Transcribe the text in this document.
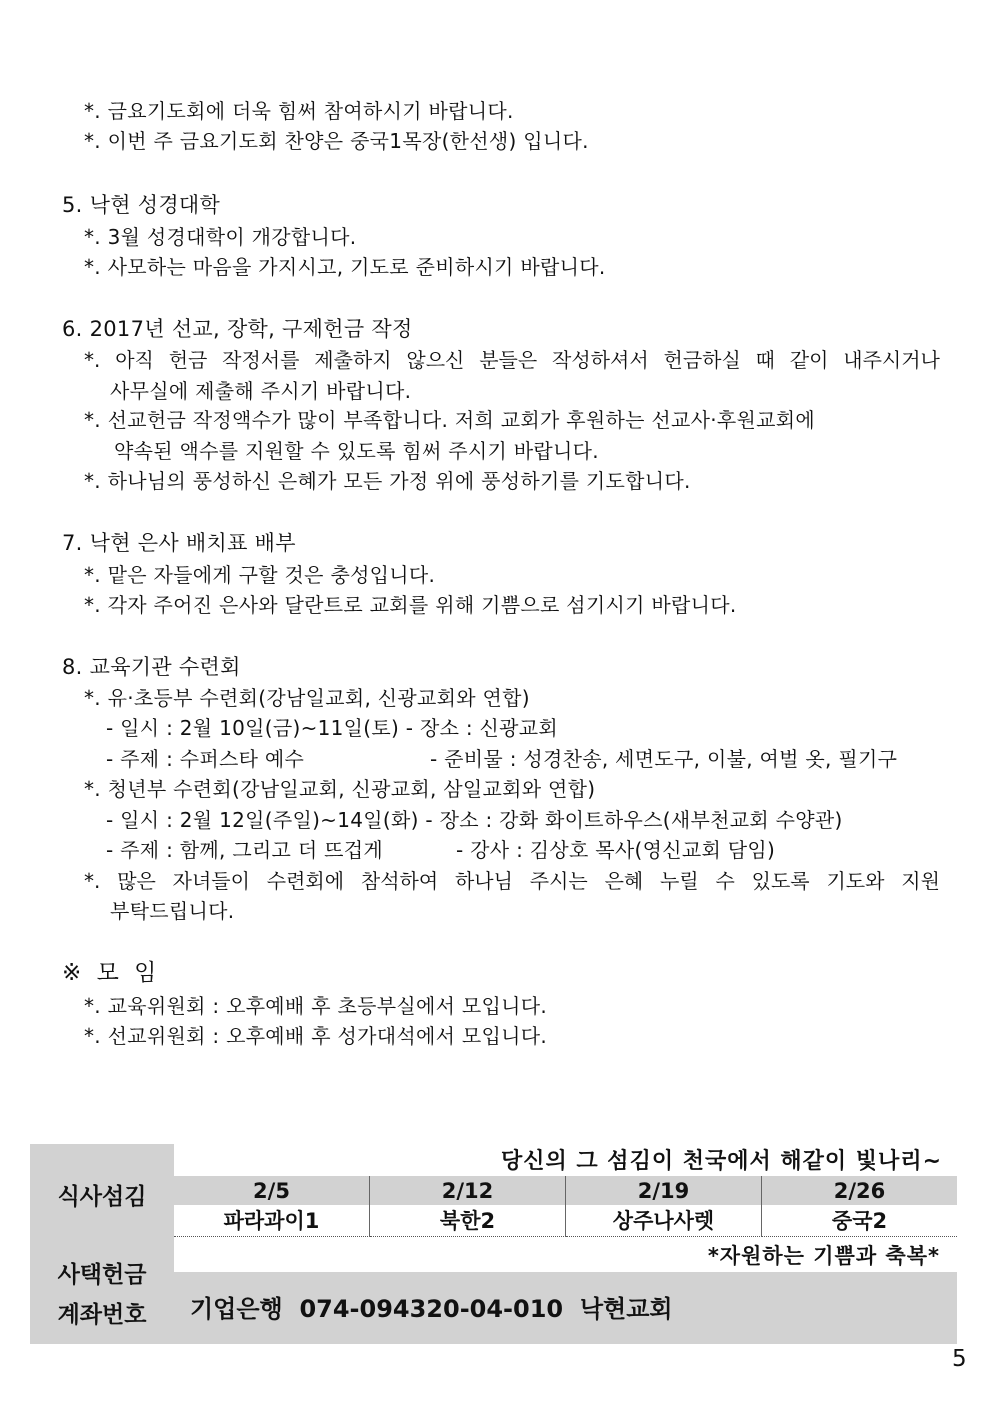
*. 금요기도회에 더욱 힘써 참여하시기 바랍니다.
*. 이번 주 금요기도회 찬양은 중국1목장(한선생) 입니다.
5. 낙현 성경대학
*. 3월 성경대학이 개강합니다.
*. 사모하는 마음을 가지시고, 기도로 준비하시기 바랍니다.
6. 2017년 선교, 장학, 구제헌금 작정
*. 아직 헌금 작정서를 제출하지 않으신 분들은 작성하셔서 헌금하실 때 같이 내주시거나
사무실에 제출해 주시기 바랍니다.
*. 선교헌금 작정액수가 많이 부족합니다. 저희 교회가 후원하는 선교사·후원교회에
약속된 액수를 지원할 수 있도록 힘써 주시기 바랍니다.
*. 하나님의 풍성하신 은혜가 모든 가정 위에 풍성하기를 기도합니다.
7. 낙현 은사 배치표 배부
*. 맡은 자들에게 구할 것은 충성입니다.
*. 각자 주어진 은사와 달란트로 교회를 위해 기쁨으로 섬기시기 바랍니다.
8. 교육기관 수련회
*. 유·초등부 수련회(강남일교회, 신광교회와 연합)
- 일시 : 2월 10일(금)~11일(토) - 장소 : 신광교회
- 주제 : 수퍼스타 예수	- 준비물 : 성경찬송, 세면도구, 이불, 여벌 옷, 필기구
*. 청년부 수련회(강남일교회, 신광교회, 삼일교회와 연합)
- 일시 : 2월 12일(주일)~14일(화) - 장소 : 강화 화이트하우스(새부천교회 수양관)
- 주제 : 함께, 그리고 더 뜨겁게	- 강사 : 김상호 목사(영신교회 담임)
*. 많은 자녀들이 수련회에 참석하여 하나님 주시는 은혜 누릴 수 있도록 기도와 지원
부탁드립니다.
※ 모 임
*. 교육위원회 : 오후예배 후 초등부실에서 모입니다.
*. 선교위원회 : 오후예배 후 성가대석에서 모입니다.
식사섬김
당신의 그 섬김이 천국에서 해같이 빛나리~
2/5	2/12	2/19	2/26
파라과이1	북한2	상주나사렛	중국2
사택헌금
*자원하는 기쁨과 축복*
계좌번호	기업은행  074-094320-04-010  낙현교회
5
